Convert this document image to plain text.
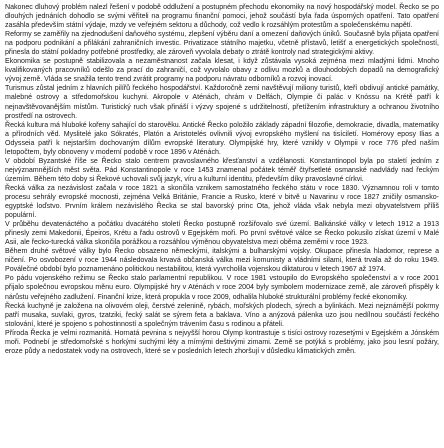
Nakonec dluhový problém nalezl řešení v podobě oddlužení a postupném přechodu ekonomiky na nový hospodářský model. Řecko se po dlouhých jednáních dohodlo se svými věřiteli na programu finanční pomoci, jehož součástí byla řada úsporných opatření. Tato opatření zasáhla především státní výdaje, mzdy ve veřejném sektoru a důchody, což vedlo k rozsáhlým protestům a společenskému napětí.

Reformy se zaměřily na zjednodušení daňového systému, zlepšení výběru daní a omezení daňových úniků. Současně byla přijata opatření na podporu podnikání a přilákání zahraničních investic. Privatizace státního majetku, včetně přístavů, letišť a energetických společností, přinesla do státní pokladny potřebné prostředky, ale zároveň vyvolala debaty o ztrátě kontroly nad strategickými aktivy.

Ekonomika se postupně stabilizovala a nezaměstnanost začala klesat, i když zůstávala vysoká zejména mezi mladými lidmi. Mnoho kvalifikovaných pracovníků odešlo za prací do zahraničí, což vyvolalo obavy z odlivu mozků a dlouhodobých dopadů na demografický vývoj země. Vláda se snažila tento trend zvrátit programy na podporu návratu odborníků a rozvoj inovací.

Turismus zůstal jedním z hlavních pilířů řeckého hospodářství. Každoročně zemi navštěvují miliony turistů, kteří obdivují antické památky, malebné ostrovy a středomořskou kuchyni. Akropole v Aténách, chrám v Delfách, Olympie či palác v Knóssu na Krétě patří k nejnavštěvovanějším místům. Turistický ruch však přináší i výzvy spojené s udržitelností, přetížením infrastruktury a ochranou životního prostředí na ostrovech.

Řecká kultura má hluboké kořeny sahající do starověku. Antické Řecko položilo základy západní filozofie, demokracie, divadla, matematiky a přírodních věd. Myslitelé jako Sókratés, Platón a Aristotelés ovlivnili vývoj evropského myšlení na tisíciletí. Homérovy eposy Ilias a Odysseia patří k nejstarším dochovaným dílům evropské literatury. Olympijské hry, které vznikly v Olympii v roce 776 před naším letopočtem, byly obnoveny v moderní podobě v roce 1896 v Aténách.

V období Byzantské říše se Řecko stalo centrem pravoslavného křesťanství a vzdělanosti. Konstantinopol byla po staletí jedním z nejvýznamnějších měst světa. Pád Konstantinopole v roce 1453 znamenal počátek téměř čtyřsetleté osmanské nadvlády nad řeckým územím. Během této doby si Řekové uchovali svůj jazyk, víru a kulturní identitu, především díky pravoslavné církvi.

Řecká válka za nezávislost začala v roce 1821 a skončila vznikem samostatného řeckého státu v roce 1830. Významnou roli v tomto procesu sehrály evropské mocnosti, zejména Velká Británie, Francie a Rusko, které v bitvě u Navarinu v roce 1827 zničily osmansko-egyptské loďstvo. Prvním králem nezávislého Řecka se stal bavorský princ Ota, jehož vláda však nebyla mezi obyvatelstvem příliš populární.

V průběhu devatenáctého a počátku dvacátého století Řecko postupně rozšiřovalo své území. Balkánské války v letech 1912 a 1913 přinesly zemi Makedonii, Épeiros, Krétu a řadu ostrovů v Egejském moři. Po první světové válce se Řecko pokusilo získat území v Malé Asii, ale řecko-turecká válka skončila porážkou a rozsáhlou výměnou obyvatelstva mezi oběma zeměmi v roce 1923.

Během druhé světové války bylo Řecko obsazeno německými, italskými a bulharskými vojsky. Okupace přinesla hladomor, represe a ničení. Po osvobození v roce 1944 následovala krvavá občanská válka mezi komunisty a vládními silami, která trvala až do roku 1949. Poválečné období bylo poznamenáno politickou nestabilitou, která vyvrcholila vojenskou diktaturou v letech 1967 až 1974.

Po pádu vojenského režimu se Řecko stalo parlamentní republikou. V roce 1981 vstoupilo do Evropského společenství a v roce 2001 přijalo společnou evropskou měnu euro. Olympijské hry v Aténách v roce 2004 byly symbolem modernizace země, ale zároveň přispěly k nárůstu veřejného zadlužení. Finanční krize, která propukla v roce 2009, odhalila hluboké strukturální problémy řecké ekonomiky.

Řecká kuchyně je založena na olivovém oleji, čerstvé zelenině, rybách, mořských plodech, sýrech a bylinkách. Mezi nejznámější pokrmy patří musaka, suvlaki, gyros, tzatziki, řecký salát se sýrem feta a baklava. Víno a anýzová pálenka uzo jsou nedílnou součástí řeckého stolování, které je spojeno s pohostinností a společným trávením času s rodinou a přáteli.

Příroda Řecka je velmi rozmanitá. Hornatá pevnina s nejvyšší horou Olymp kontrastuje s tisíci ostrovy rozesetými v Egejském a Jónském moři. Podnebí je středomořské s horkými suchými léty a mírnými deštivými zimami. Země se potýká s problémy, jako jsou lesní požáry, eroze půdy a nedostatek vody na ostrovech, které se v posledních letech zhoršují v důsledku klimatických změn.
